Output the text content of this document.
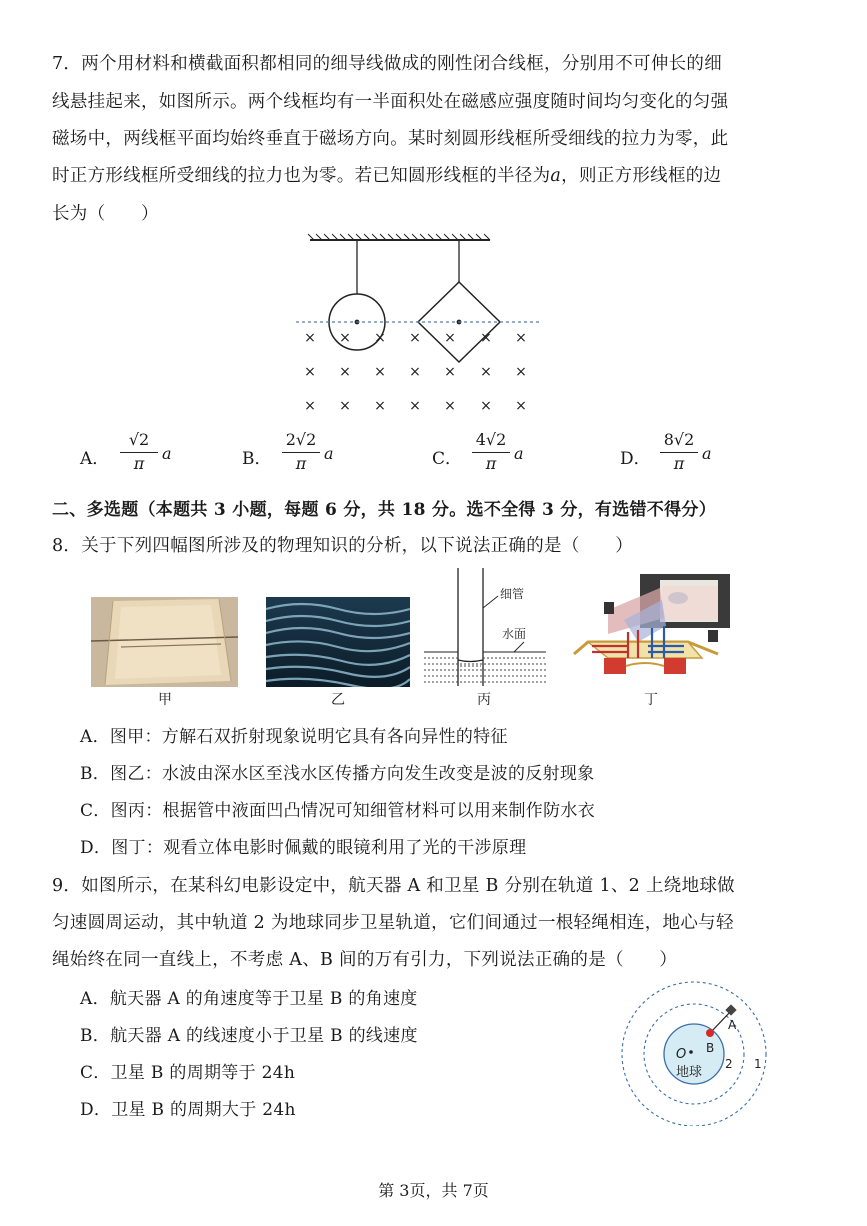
7．两个用材料和横截面积都相同的细导线做成的刚性闭合线框，分别用不可伸长的细
线悬挂起来，如图所示。两个线框均有一半面积处在磁感应强度随时间均匀变化的匀强
磁场中，两线框平面均始终垂直于磁场方向。某时刻圆形线框所受细线的拉力为零，此
时正方形线框所受细线的拉力也为零。若已知圆形线框的半径为a，则正方形线框的边
长为（　　）
× × × × × × ×
× × × × × × ×
× × × × × × ×
A．
√2
π
a	B．
2√2
π
a	C．
4√2
π
a	D．
8√2
π
a
二、多选题（本题共 3 小题，每题 6 分，共 18 分。选不全得 3 分，有选错不得分）
8．关于下列四幅图所涉及的物理知识的分析，以下说法正确的是（　　）
甲	乙
细管
水面
丙	丁
A．图甲：方解石双折射现象说明它具有各向异性的特征
B．图乙：水波由深水区至浅水区传播方向发生改变是波的反射现象
C．图丙：根据管中液面凹凸情况可知细管材料可以用来制作防水衣
D．图丁：观看立体电影时佩戴的眼镜利用了光的干涉原理
9．如图所示，在某科幻电影设定中，航天器 A 和卫星 B 分别在轨道 1、2 上绕地球做
匀速圆周运动，其中轨道 2 为地球同步卫星轨道，它们间通过一根轻绳相连，地心与轻
绳始终在同一直线上，不考虑 A、B 间的万有引力，下列说法正确的是（　　）
A．航天器 A 的角速度等于卫星 B 的角速度
B．航天器 A 的线速度小于卫星 B 的线速度
C．卫星 B 的周期等于 24h
D．卫星 B 的周期大于 24h
O
地球
A
B
2 1
第 3页，共 7页
